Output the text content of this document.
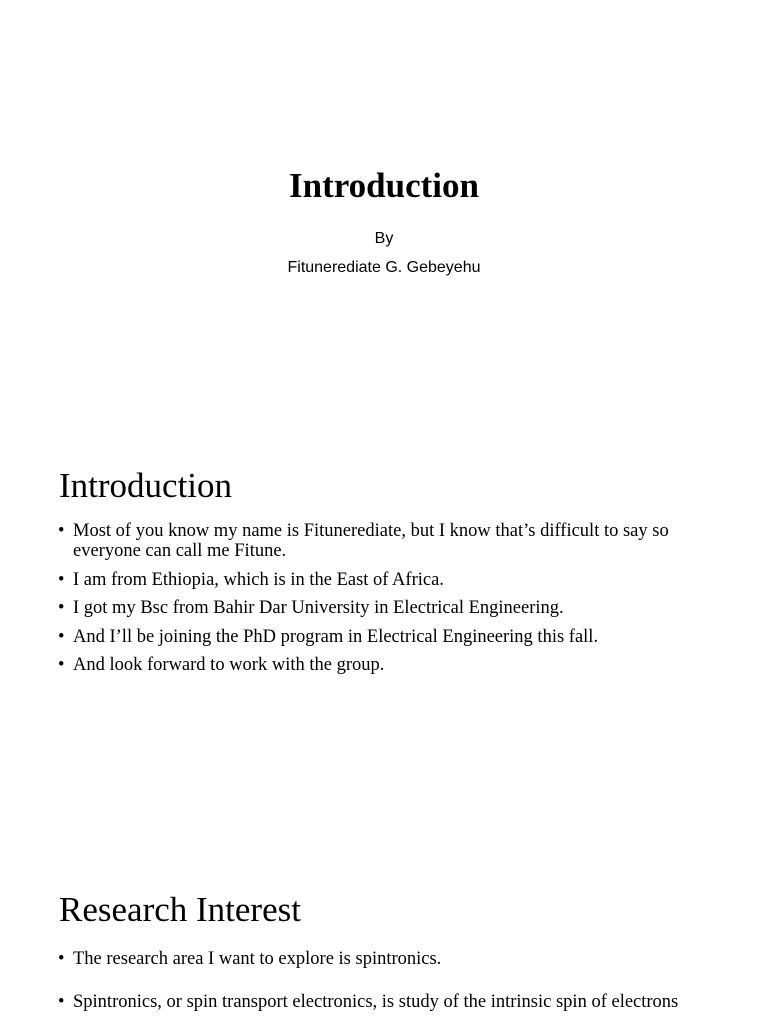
Introduction
By
Fitunerediate G. Gebeyehu
Introduction
• Most of you know my name is Fitunerediate, but I know that’s difficult to say so everyone can call me Fitune.
• I am from Ethiopia, which is in the East of Africa.
• I got my Bsc from Bahir Dar University in Electrical Engineering.
• And I’ll be joining the PhD program in Electrical Engineering this fall.
• And look forward to work with the group.
Research Interest
• The research area I want to explore is spintronics.
• Spintronics, or spin transport electronics, is study of the intrinsic spin of electrons
